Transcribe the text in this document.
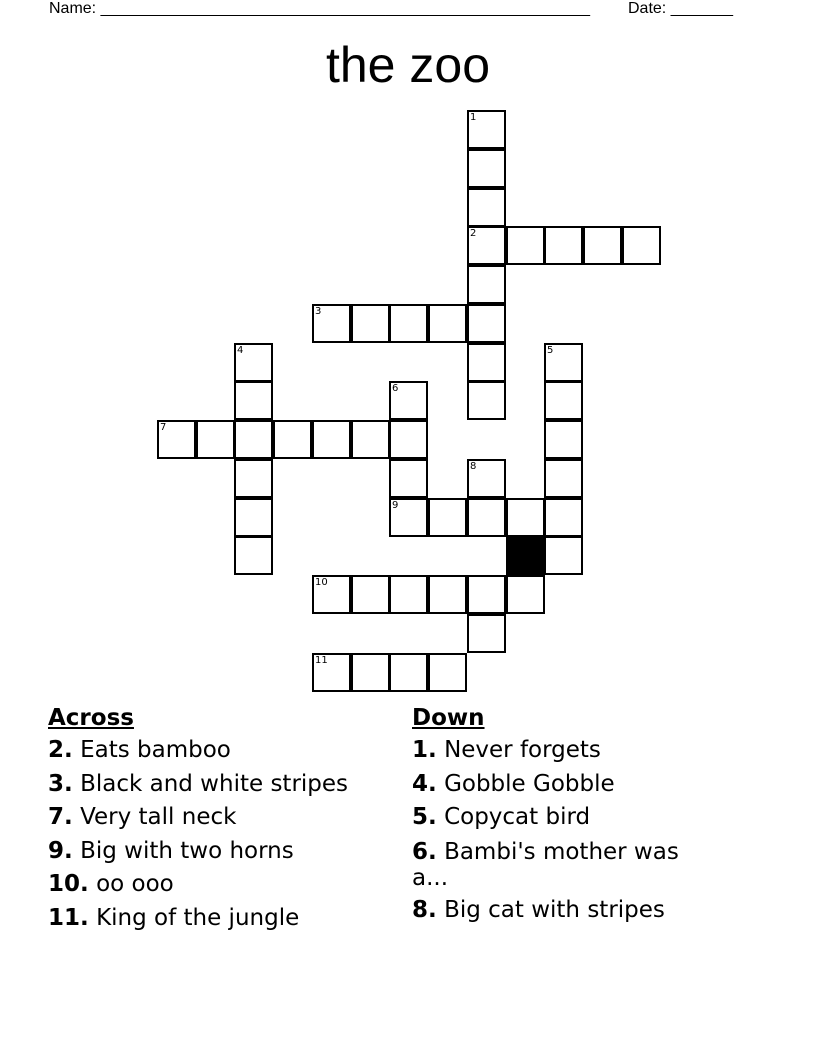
Name: _______________________________________________________ Date: _______
the zoo
1
2
3
4	5
6
9
7
8
10
11
Across
2. Eats bamboo
3. Black and white stripes
7. Very tall neck
9. Big with two horns
10. oo ooo
11. King of the jungle
Down
1. Never forgets
4. Gobble Gobble
5. Copycat bird
6. Bambi's mother was a...
8. Big cat with stripes
